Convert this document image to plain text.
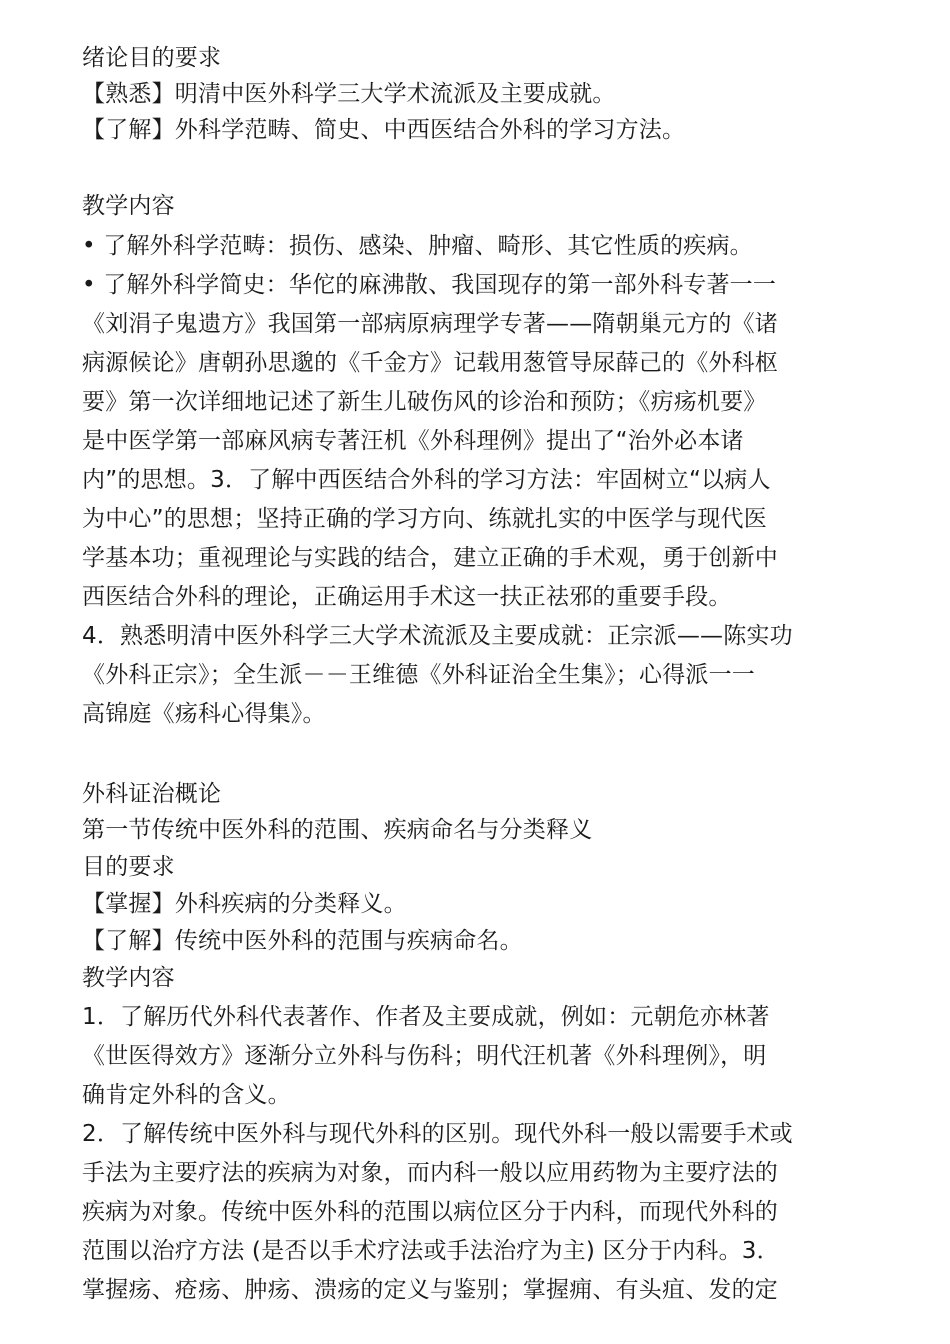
绪论目的要求
【熟悉】明清中医外科学三大学术流派及主要成就。
【了解】外科学范畴、简史、中西医结合外科的学习方法。
教学内容
• 了解外科学范畴：损伤、感染、肿瘤、畸形、其它性质的疾病。
• 了解外科学简史：华佗的麻沸散、我国现存的第一部外科专著一一
《刘涓子鬼遗方》我国第一部病原病理学专著——隋朝巢元方的《诸
病源候论》唐朝孙思邈的《千金方》记载用葱管导尿薛己的《外科枢
要》第一次详细地记述了新生儿破伤风的诊治和预防；《疠疡机要》
是中医学第一部麻风病专著汪机《外科理例》提出了“治外必本诸
内”的思想。3．了解中西医结合外科的学习方法：牢固树立“以病人
为中心”的思想；坚持正确的学习方向、练就扎实的中医学与现代医
学基本功；重视理论与实践的结合，建立正确的手术观，勇于创新中
西医结合外科的理论，正确运用手术这一扶正祛邪的重要手段。
4．熟悉明清中医外科学三大学术流派及主要成就：正宗派——陈实功
《外科正宗》；全生派－－王维德《外科证治全生集》；心得派一一
高锦庭《疡科心得集》。
外科证治概论
第一节传统中医外科的范围、疾病命名与分类释义
目的要求
【掌握】外科疾病的分类释义。
【了解】传统中医外科的范围与疾病命名。
教学内容
1．了解历代外科代表著作、作者及主要成就，例如：元朝危亦林著
《世医得效方》逐渐分立外科与伤科；明代汪机著《外科理例》，明
确肯定外科的含义。
2．了解传统中医外科与现代外科的区别。现代外科一般以需要手术或
手法为主要疗法的疾病为对象，而内科一般以应用药物为主要疗法的
疾病为对象。传统中医外科的范围以病位区分于内科，而现代外科的
范围以治疗方法 (是否以手术疗法或手法治疗为主) 区分于内科。3．
掌握疡、疮疡、肿疡、溃疡的定义与鉴别；掌握痈、有头疽、发的定
